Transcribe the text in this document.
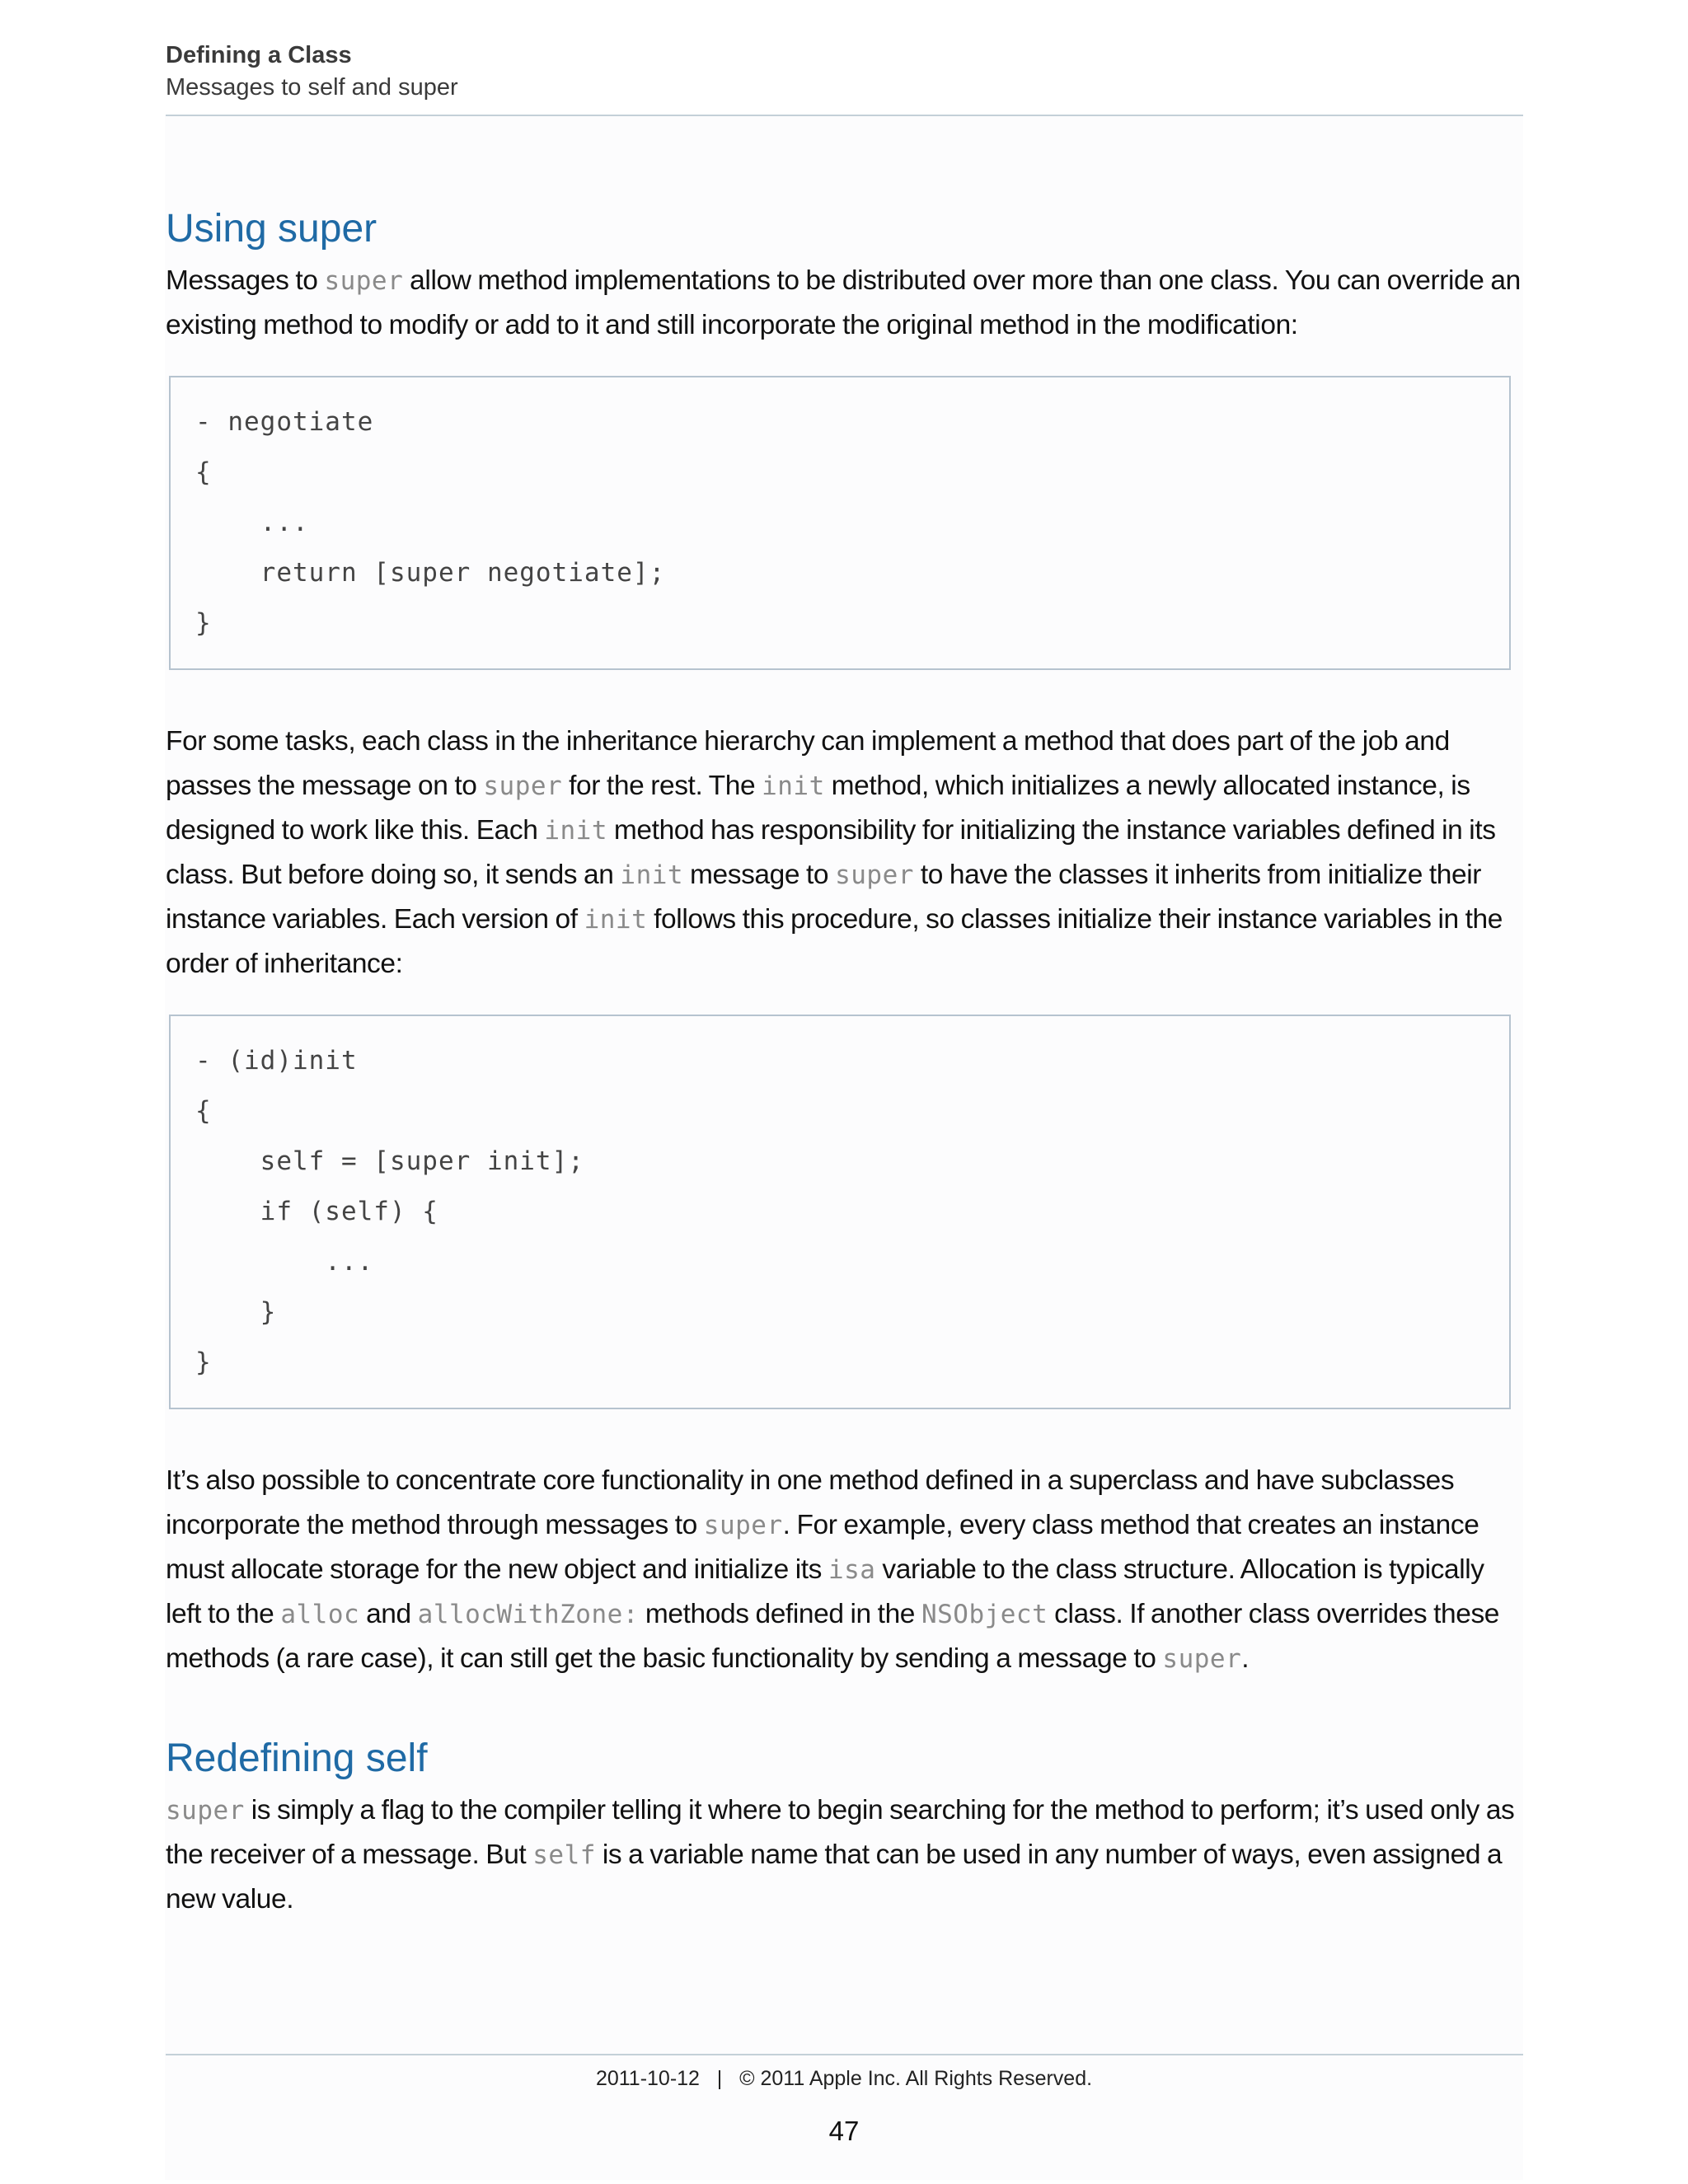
Defining a Class

Messages to self and super

Using super

Messages to super allow method implementations to be distributed over more than one class. You can override an existing method to modify or add to it and still incorporate the original method in the modification:

- negotiate
{
...
return [super negotiate];
}

For some tasks, each class in the inheritance hierarchy can implement a method that does part of the job and passes the message on to super for the rest. The init method, which initializes a newly allocated instance, is designed to work like this. Each init method has responsibility for initializing the instance variables defined in its class. But before doing so, it sends an init message to super to have the classes it inherits from initialize their instance variables. Each version of init follows this procedure, so classes initialize their instance variables in the order of inheritance:

- (id)init
{
self = [super init];
if (self) {
...
}
}

It’s also possible to concentrate core functionality in one method defined in a superclass and have subclasses incorporate the method through messages to super. For example, every class method that creates an instance must allocate storage for the new object and initialize its isa variable to the class structure. Allocation is typically left to the alloc and allocWithZone: methods defined in the NSObject class. If another class overrides these methods (a rare case), it can still get the basic functionality by sending a message to super.

Redefining self

super is simply a flag to the compiler telling it where to begin searching for the method to perform; it’s used only as the receiver of a message. But self is a variable name that can be used in any number of ways, even assigned a new value.

2011-10-12   |   © 2011 Apple Inc. All Rights Reserved.
47
